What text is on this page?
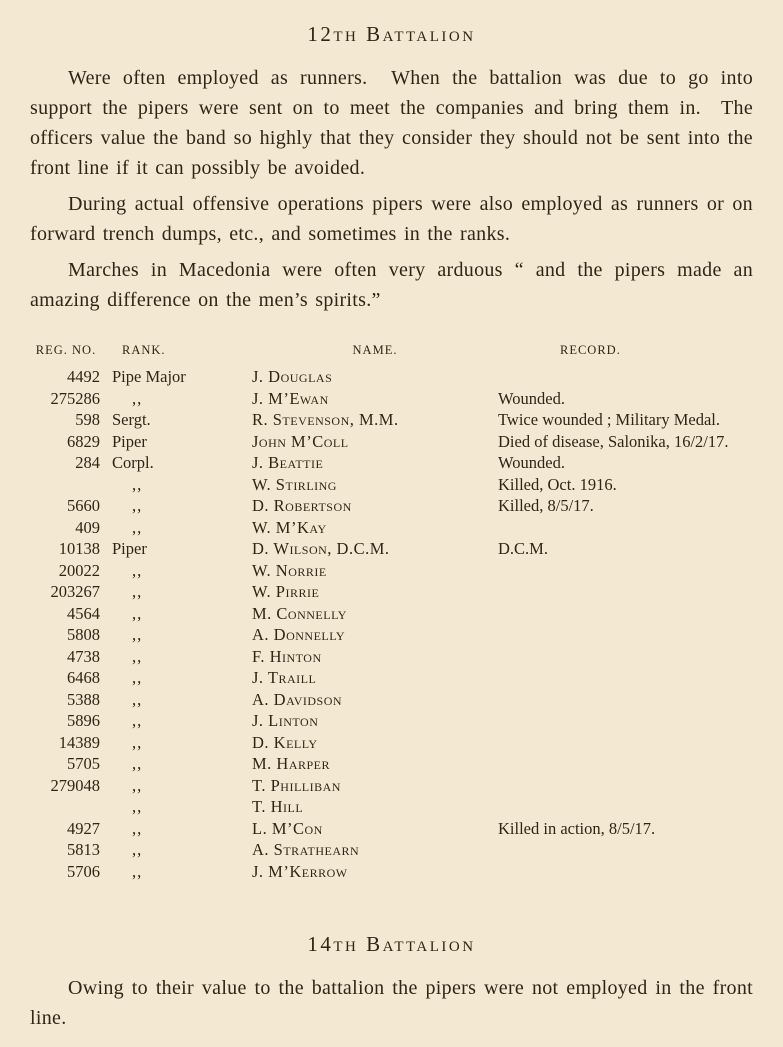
12th Battalion

Were often employed as runners.  When the battalion was due to go into support the pipers were sent on to meet the companies and bring them in.  The officers value the band so highly that they consider they should not be sent into the front line if it can possibly be avoided.

During actual offensive operations pipers were also employed as runners or on forward trench dumps, etc., and sometimes in the ranks.

Marches in Macedonia were often very arduous “ and the pipers made an amazing difference on the men’s spirits.”

REG. NO.	RANK.	NAME.	RECORD.
4492	Pipe Major	J. Douglas	
275286	,,	J. M’Ewan	Wounded.
598	Sergt.	R. Stevenson, M.M.	Twice wounded ; Military Medal.
6829	Piper	John M’Coll	Died of disease, Salonika, 16/2/17.
284	Corpl.	J. Beattie	Wounded.
	,,	W. Stirling	Killed, Oct. 1916.
5660	,,	D. Robertson	Killed, 8/5/17.
409	,,	W. M’Kay	
10138	Piper	D. Wilson, D.C.M.	D.C.M.
20022	,,	W. Norrie	
203267	,,	W. Pirrie	
4564	,,	M. Connelly	
5808	,,	A. Donnelly	
4738	,,	F. Hinton	
6468	,,	J. Traill	
5388	,,	A. Davidson	
5896	,,	J. Linton	
14389	,,	D. Kelly	
5705	,,	M. Harper	
279048	,,	T. Philliban	
	,,	T. Hill	
4927	,,	L. M’Con	Killed in action, 8/5/17.
5813	,,	A. Strathearn	
5706	,,	J. M’Kerrow	
14th Battalion

Owing to their value to the battalion the pipers were not employed in the front line.
